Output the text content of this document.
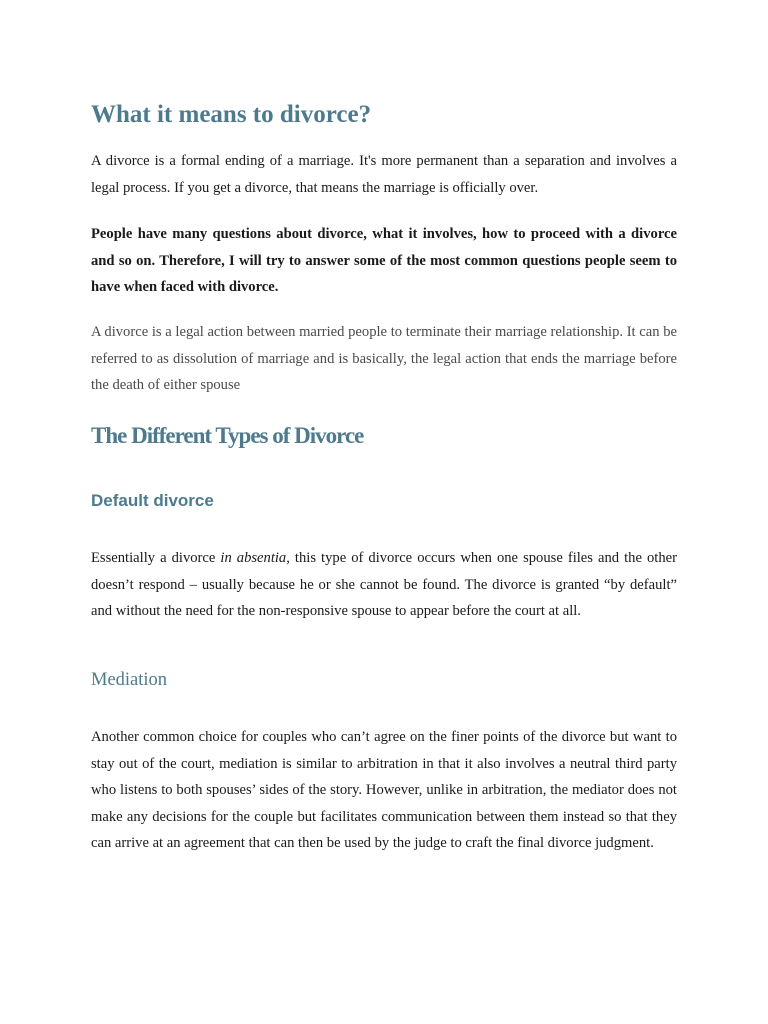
What it means to divorce?

A divorce is a formal ending of a marriage. It's more permanent than a separation and involves a legal process. If you get a divorce, that means the marriage is officially over.

People have many questions about divorce, what it involves, how to proceed with a divorce and so on. Therefore, I will try to answer some of the most common questions people seem to have when faced with divorce.

A divorce is a legal action between married people to terminate their marriage relationship. It can be referred to as dissolution of marriage and is basically, the legal action that ends the marriage before the death of either spouse

The Different Types of Divorce
Default divorce

Essentially a divorce in absentia, this type of divorce occurs when one spouse files and the other doesn’t respond – usually because he or she cannot be found. The divorce is granted “by default” and without the need for the non-responsive spouse to appear before the court at all.

Mediation

Another common choice for couples who can’t agree on the finer points of the divorce but want to stay out of the court, mediation is similar to arbitration in that it also involves a neutral third party who listens to both spouses’ sides of the story. However, unlike in arbitration, the mediator does not make any decisions for the couple but facilitates communication between them instead so that they can arrive at an agreement that can then be used by the judge to craft the final divorce judgment.
